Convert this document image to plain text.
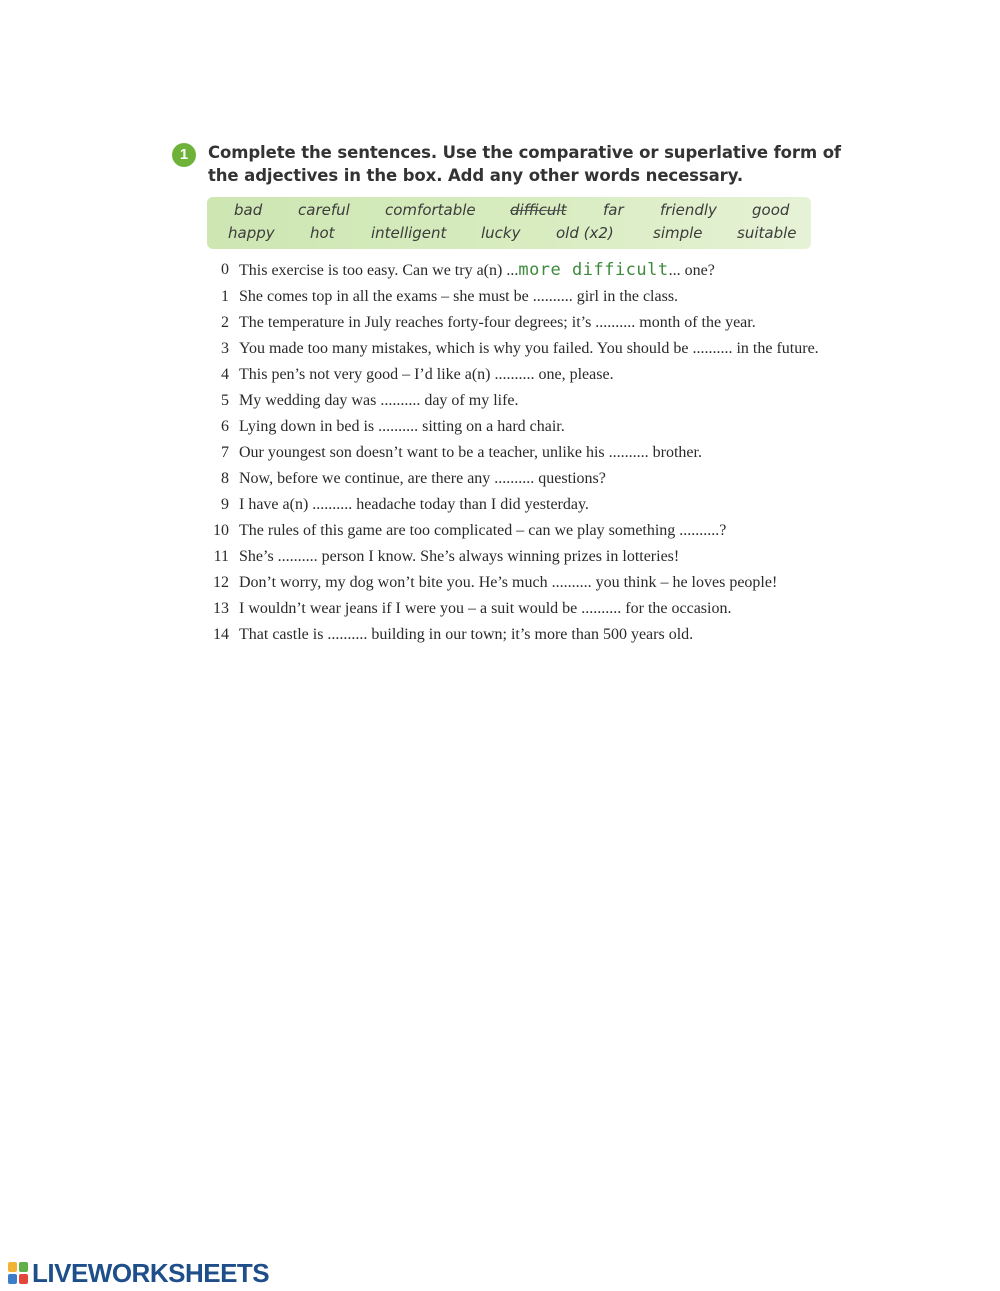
1	Complete the sentences. Use the comparative or superlative form of the adjectives in the box. Add any other words necessary.
bad careful comfortable difficult far friendly good
happy hot intelligent lucky old (x2)	simple suitable
0 This exercise is too easy. Can we try a(n) ...more difficult... one?
1 She comes top in all the exams – she must be .......... girl in the class.
2 The temperature in July reaches forty-four degrees; it’s .......... month of the year.
3 You made too many mistakes, which is why you failed. You should be .......... in the future.
4 This pen’s not very good – I’d like a(n) .......... one, please.
5 My wedding day was .......... day of my life.
6 Lying down in bed is .......... sitting on a hard chair.
7 Our youngest son doesn’t want to be a teacher, unlike his .......... brother.
8 Now, before we continue, are there any .......... questions?
9 I have a(n) .......... headache today than I did yesterday.
10 The rules of this game are too complicated – can we play something ..........?
11 She’s .......... person I know. She’s always winning prizes in lotteries!
12 Don’t worry, my dog won’t bite you. He’s much .......... you think – he loves people!
13 I wouldn’t wear jeans if I were you – a suit would be .......... for the occasion.
14 That castle is .......... building in our town; it’s more than 500 years old.
LIVEWORKSHEETS
